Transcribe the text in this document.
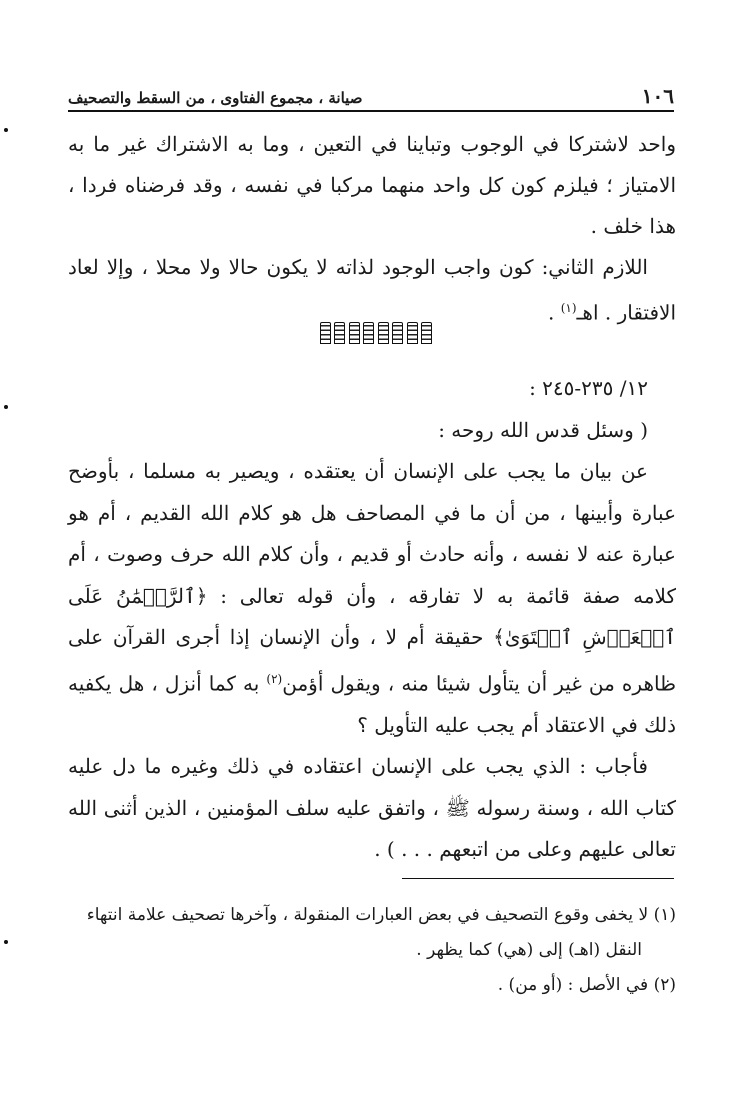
صيانة ، مجموع الفتاوى ، من السقط والتصحيف	١٠٦

واحد لاشتركا في الوجوب وتباينا في التعين ، وما به الاشتراك غير ما به الامتياز ؛ فيلزم كون كل واحد منهما مركبا في نفسه ، وقد فرضناه فردا ، هذا خلف .

اللازم الثاني: كون واجب الوجود لذاته لا يكون حالا ولا محلا ، وإلا لعاد الافتقار . اهـ$^{(١)}$ .

١٢/ ٢٣٥-٢٤٥ :

( وسئل قدس الله روحه :

عن بيان ما يجب على الإنسان أن يعتقده ، ويصير به مسلما ، بأوضح عبارة وأبينها ، من أن ما في المصاحف هل هو كلام الله القديم ، أم هو عبارة عنه لا نفسه ، وأنه حادث أو قديم ، وأن كلام الله حرف وصوت ، أم كلامه صفة قائمة به لا تفارقه ، وأن قوله تعالى : ﴿ٱلرَّحۡمَٰنُ عَلَى ٱلۡعَرۡشِ ٱسۡتَوَىٰ﴾ حقيقة أم لا ، وأن الإنسان إذا أجرى القرآن على ظاهره من غير أن يتأول شيئا منه ، ويقول أؤمن$^{(٢)}$ به كما أنزل ، هل يكفيه ذلك في الاعتقاد أم يجب عليه التأويل ؟

فأجاب : الذي يجب على الإنسان اعتقاده في ذلك وغيره ما دل عليه كتاب الله ، وسنة رسوله ﷺ ، واتفق عليه سلف المؤمنين ، الذين أثنى الله تعالى عليهم وعلى من اتبعهم . . . ) .

(١) لا يخفى وقوع التصحيف في بعض العبارات المنقولة ، وآخرها تصحيف علامة انتهاء

النقل (اهـ) إلى (هي) كما يظهر .

(٢) في الأصل : (أو من) .
